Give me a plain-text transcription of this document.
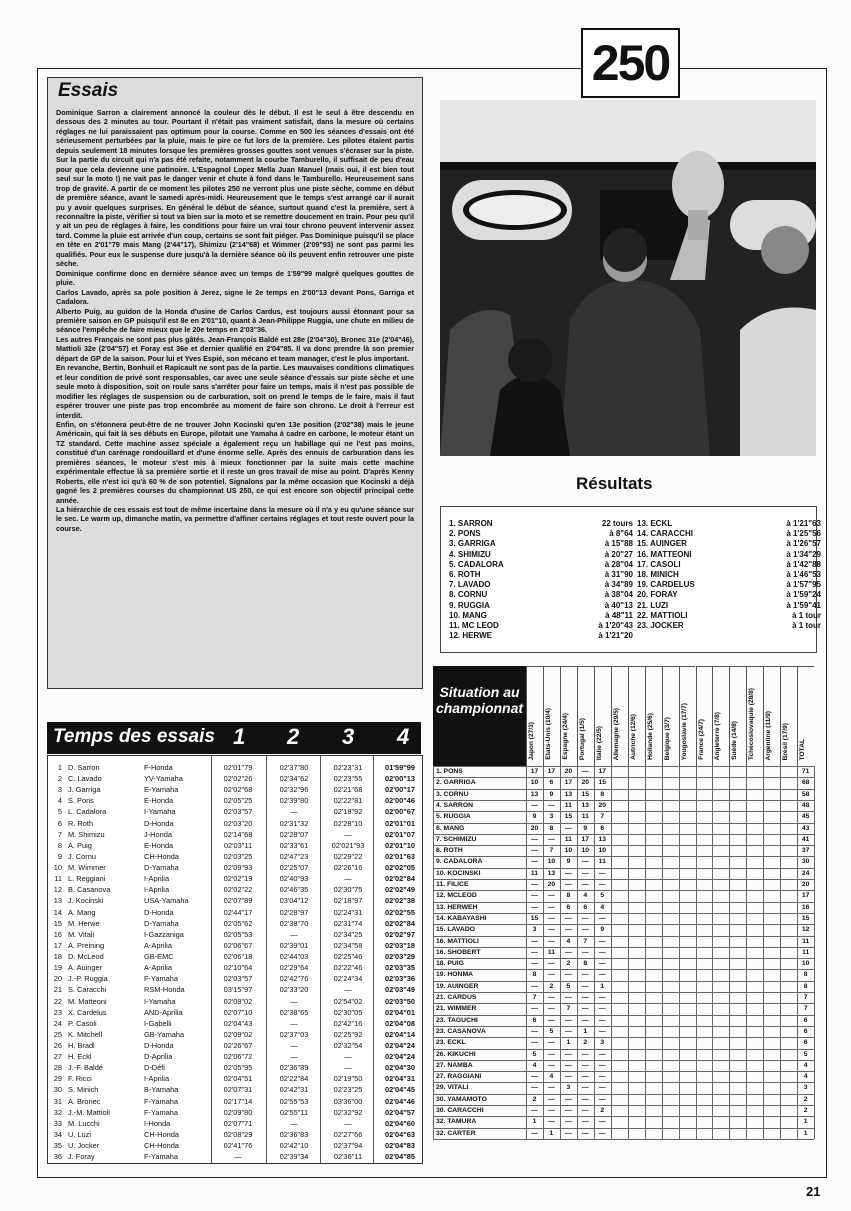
250
Essais

Dominique Sarron a clairement annoncé la couleur dès le début. Il est le seul à être descendu en dessous des 2 minutes au tour. Pourtant il n'était pas vraiment satisfait, dans la mesure où certains réglages ne lui paraissaient pas optimum pour la course. Comme en 500 les séances d'essais ont été sérieusement perturbées par la pluie, mais le pire ce fut lors de la première. Les pilotes étaient partis depuis seulement 18 minutes lorsque les premières grosses gouttes sont venues s'écraser sur la piste. Sur la partie du circuit qui n'a pas été refaite, notamment la courbe Tamburello, il suffisait de peu d'eau pour que cela devienne une patinoire. L'Espagnol Lopez Mella Juan Manuel (mais oui, il est bien tout seul sur la moto !) ne vait pas le danger venir et chute à fond dans le Tamburello. Heureusement sans trop de gravité. A partir de ce moment les pilotes 250 ne verront plus une piste sèche, comme en début de première séance, avant le samedi après-midi. Heureusement que le temps s'est arrangé car il aurait pu y avoir quelques surprises. En général le début de séance, surtout quand c'est la première, sert à reconnaître la piste, vérifier si tout va bien sur la moto et se remettre doucement en train. Pour peu qu'il y ait un peu de réglages à faire, les conditions pour faire un vrai tour chrono peuvent intervenir assez tard. Comme la pluie est arrivée d'un coup, certains se sont fait piéger. Pas Dominique puisqu'il se place en tête en 2'01"79 mais Mang (2'44"17), Shimizu (2'14"68) et Wimmer (2'09"93) ne sont pas parmi les qualifiés. Pour eux le suspense dure jusqu'à la dernière séance où ils peuvent enfin retrouver une piste sèche.

Dominique confirme donc en dernière séance avec un temps de 1'59"99 malgré quelques gouttes de pluie.

Carlos Lavado, après sa pole position à Jerez, signe le 2e temps en 2'00"13 devant Pons, Garriga et Cadalora.

Alberto Puig, au guidon de la Honda d'usine de Carlos Cardus, est toujours aussi étonnant pour sa première saison en GP puisqu'il est 8e en 2'01"10, quant à Jean-Philippe Ruggia, une chute en milieu de séance l'empêche de faire mieux que le 20e temps en 2'03"36.

Les autres Français ne sont pas plus gâtés. Jean-François Baldé est 28e (2'04"30), Bronec 31e (2'04"46), Mattioli 32e (2'04"57) et Foray est 36e et dernier qualifié en 2'04"85. Il va donc prendre là son premier départ de GP de la saison. Pour lui et Yves Espié, son mécano et team manager, c'est le plus important.

En revanche, Bertin, Bonhuil et Rapicault ne sont pas de la partie. Les mauvaises conditions climatiques et leur condition de privé sont responsables, car avec une seule séance d'essais sur piste sèche et une seule moto à disposition, soit on roule sans s'arrêter pour faire un temps, mais il n'est pas possible de modifier les réglages de suspension ou de carburation, soit on prend le temps de le faire, mais il faut espérer trouver une piste pas trop encombrée au moment de faire son chrono. Le droit à l'erreur est interdit.

Enfin, on s'étonnera peut-être de ne trouver John Kocinski qu'en 13e position (2'02"38) mais le jeune Américain, qui fait là ses débuts en Europe, pilotait une Yamaha à cadre en carbone, le moteur étant un TZ standard. Cette machine assez spéciale a également reçu un habillage qui ne l'est pas moins, constitué d'un carénage rondouillard et d'une énorme selle. Après des ennuis de carburation dans les premières séances, le moteur s'est mis à mieux fonctionner par la suite mais cette machine expérimentale effectue là sa première sortie et il reste un gros travail de mise au point. D'après Kenny Roberts, elle n'est ici qu'à 60 % de son potentiel. Signalons par la même occasion que Kocinski a déjà gagné les 2 premières courses du championnat US 250, ce qui est encore son objectif principal cette année.

La hiérarchie de ces essais est tout de même incertaine dans la mesure où il n'a y eu qu'une séance sur le sec. Le warm up, dimanche matin, va permettre d'affiner certains réglages et tout reste ouvert pour la course.

Résultats
1. SARRON	22 tours
2. PONS	à 8"64
3. GARRIGA	à 15"88
4. SHIMIZU	à 20"27
5. CADALORA	à 28"04
6. ROTH	à 31"90
7. LAVADO	à 34"89
8. CORNU	à 38"04
9. RUGGIA	à 40"13
10. MANG	à 48"11
11. MC LEOD	à 1'20"43
12. HERWE	à 1'21"20
13. ECKL	à 1'21"63
14. CARACCHI	à 1'25"56
15. AUINGER	à 1'26"57
16. MATTEONI	à 1'34"29
17. CASOLI	à 1'42"88
18. MINICH	à 1'46"53
19. CARDELUS	à 1'57"95
20. FORAY	à 1'59"24
21. LUZI	à 1'59"41
22. MATTIOLI	à 1 tour
23. JOCKER	à 1 tour
Temps des essais 1 2 3 4
1 D. Sarron	F-Honda	02'01"79	02'37"80	02'23"31	01'59"99
2 C. Lavado	YV-Yamaha	02'02"26	02'34"62	02'23"55	02'00"13
3 J. Garriga	E-Yamaha	02'02"68	02'32"96	02'21"68	02'00"17
4 S. Pons	E-Honda	02'05"25	02'39"80	02'22"81	02'00"46
5 L. Cadalora	I-Yamaha	02'03"57	—	02'18"92	02'00"67
6 R. Roth	D-Honda	02'03"20	02'31"32	02'28"10	02'01"01
7 M. Shimizu	J-Honda	02'14"68	02'28"07	—	02'01"07
8 A. Puig	E-Honda	02'03"11	02'33"61	02'021"93	02'01"10
9 J. Cornu	CH-Honda	02'03"25	02'47"23	02'29"22	02'01"63
10 M. Wimmer	D-Yamaha	02'09"93	02'25"07	02'26"16	02'02"05
11 L. Reggiani	I-Aprilia	02'02"19	02'40"93	—	02'02"84
12 B. Casanova	I-Aprilia	02'02"22	02'46"35	02'30"75	02'02"49
13 J. Kocinski	USA-Yamaha	02'07"89	03'04"12	02'18"97	02'02"38
14 A. Mang	D-Honda	02'44"17	02'28"97	02'24"31	02'02"55
15 M. Herwe	D-Yamaha	02'05"62	02'38"70	02'31"74	02'02"84
16 M. Vitali	I-Gazzaniga	02'05"53	—	02'34"25	02'02"97
17 A. Preining	A-Aprilia	02'06"67	02'39"01	02'34"58	02'03"18
18 D. McLeod	GB-EMC	02'06"18	02'44"03	02'25"46	02'03"29
19 A. Auinger	A-Aprilia	02'10"64	02'29"64	02'22"46	02'03"35
20 J.-P. Ruggia	F-Yamaha	02'03"57	02'42"76	02'24"34	02'03"36
21 S. Caracchi	RSM-Honda	03'15"97	02'33"20	—	02'03"49
22 M. Matteoni	I-Yamaha	02'08"02	—	02'54"02	02'03"50
23 X. Cardelus	AND-Aprilia	02'07"10	02'38"65	02'30"05	02'04"01
24 P. Casoli	I-Gabelli	02'04"43	—	02'42"16	02'04"08
25 K. Mitchell	GB-Yamaha	02'09"02	02'37"03	02'25"92	02'04"14
26 H. Bradl	D-Honda	02'26"67	—	02'32"54	02'04"24
27 H. Eckl	D-Aprilia	02'06"72	—	—	02'04"24
28 J.-F. Baldé	D-Défi	02'05"95	02'36"89	—	02'04"30
29 F. Ricci	I-Aprilia	02'04"51	02'22"84	02'19"50	02'04"31
30 S. Minich	B-Yamaha	02'07"31	02'42"31	02'23"25	02'04"45
31 A. Bronec	F-Yamaha	02'17"14	02'55"53	03'36"00	02'04"46
32 J.-M. Mattioli	F-Yamaha	02'09"80	02'55"11	02'32"92	02'04"57
33 M. Lucchi	I-Honda	02'07"71	—	—	02'04"60
34 U. Luzi	CH-Honda	02'08"29	02'36"83	02'27"66	02'04"63
35 U. Jocker	CH-Honda	02'41"76	02'42"10	02'37"94	02'04"83
36 J. Foray	F-Yamaha	—	02'39"34	02'36"11	02'04"85
Japon (27/3) Etats-Unis (10/4) Espagne (24/4) Portugal (1/5) Italie (22/5) Allemagne (29/5) Autriche (12/6) Hollande (25/6) Belgique (3/7) Yougoslavie (17/7) France (24/7) Angleterre (7/8) Suède (14/8) Tchécoslovaquie (28/8) Argentine (11/9) Brésil (17/9) TOTAL
1. PONS	17	17	20	—	17	71
2. GARRIGA	10	6	17	20	15	68
3. CORNU	13	9	13	15	8	58
4. SARRON	—	—	11	13	20	48
5. RUGGIA	9	3	15	11	7	45
6. MANG	20	8	—	9	6	43
7. SCHIMIZU	—	—	11	17	13	41
8. ROTH	—	7	10	10	10	37
9. CADALORA	—	10	9	—	11	30
10. KOCINSKI	11	13	—	—	—	24
11. FILICE	—	20	—	—	—	20
12. MCLEOD	—	—	8	4	5	17
13. HERWEH	—	—	6	6	4	16
14. KABAYASHI	15	—	—	—	—	15
15. LAVADO	3	—	—	—	9	12
16. MATTIOLI	—	—	4	7	—	11
16. SHOBERT	—	11	—	—	—	11
18. PUIG	—	—	2	8	—	10
19. HONMA	8	—	—	—	—	8
19. AUINGER	—	2	5	—	1	8
21. CARDUS	7	—	—	—	—	7
21. WIMMER	—	—	7	—	—	7
23. TAGUCHI	6	—	—	—	—	6
23. CASANOVA	—	5	—	1	—	6
23. ECKL	—	—	1	2	3	6
26. KIKUCHI	5	—	—	—	—	5
27. NAMBA	4	—	—	—	—	4
27. RAGGIANI	—	4	—	—	—	4
29. VITALI	—	—	3	—	—	3
30. YAMAMOTO	2	—	—	—	—	2
30. CARACCHI	—	—	—	—	2	2
32. TAMURA	1	—	—	—	—	1
32. CARTER	—	1	—	—	—	1
Situation au championnat
21
